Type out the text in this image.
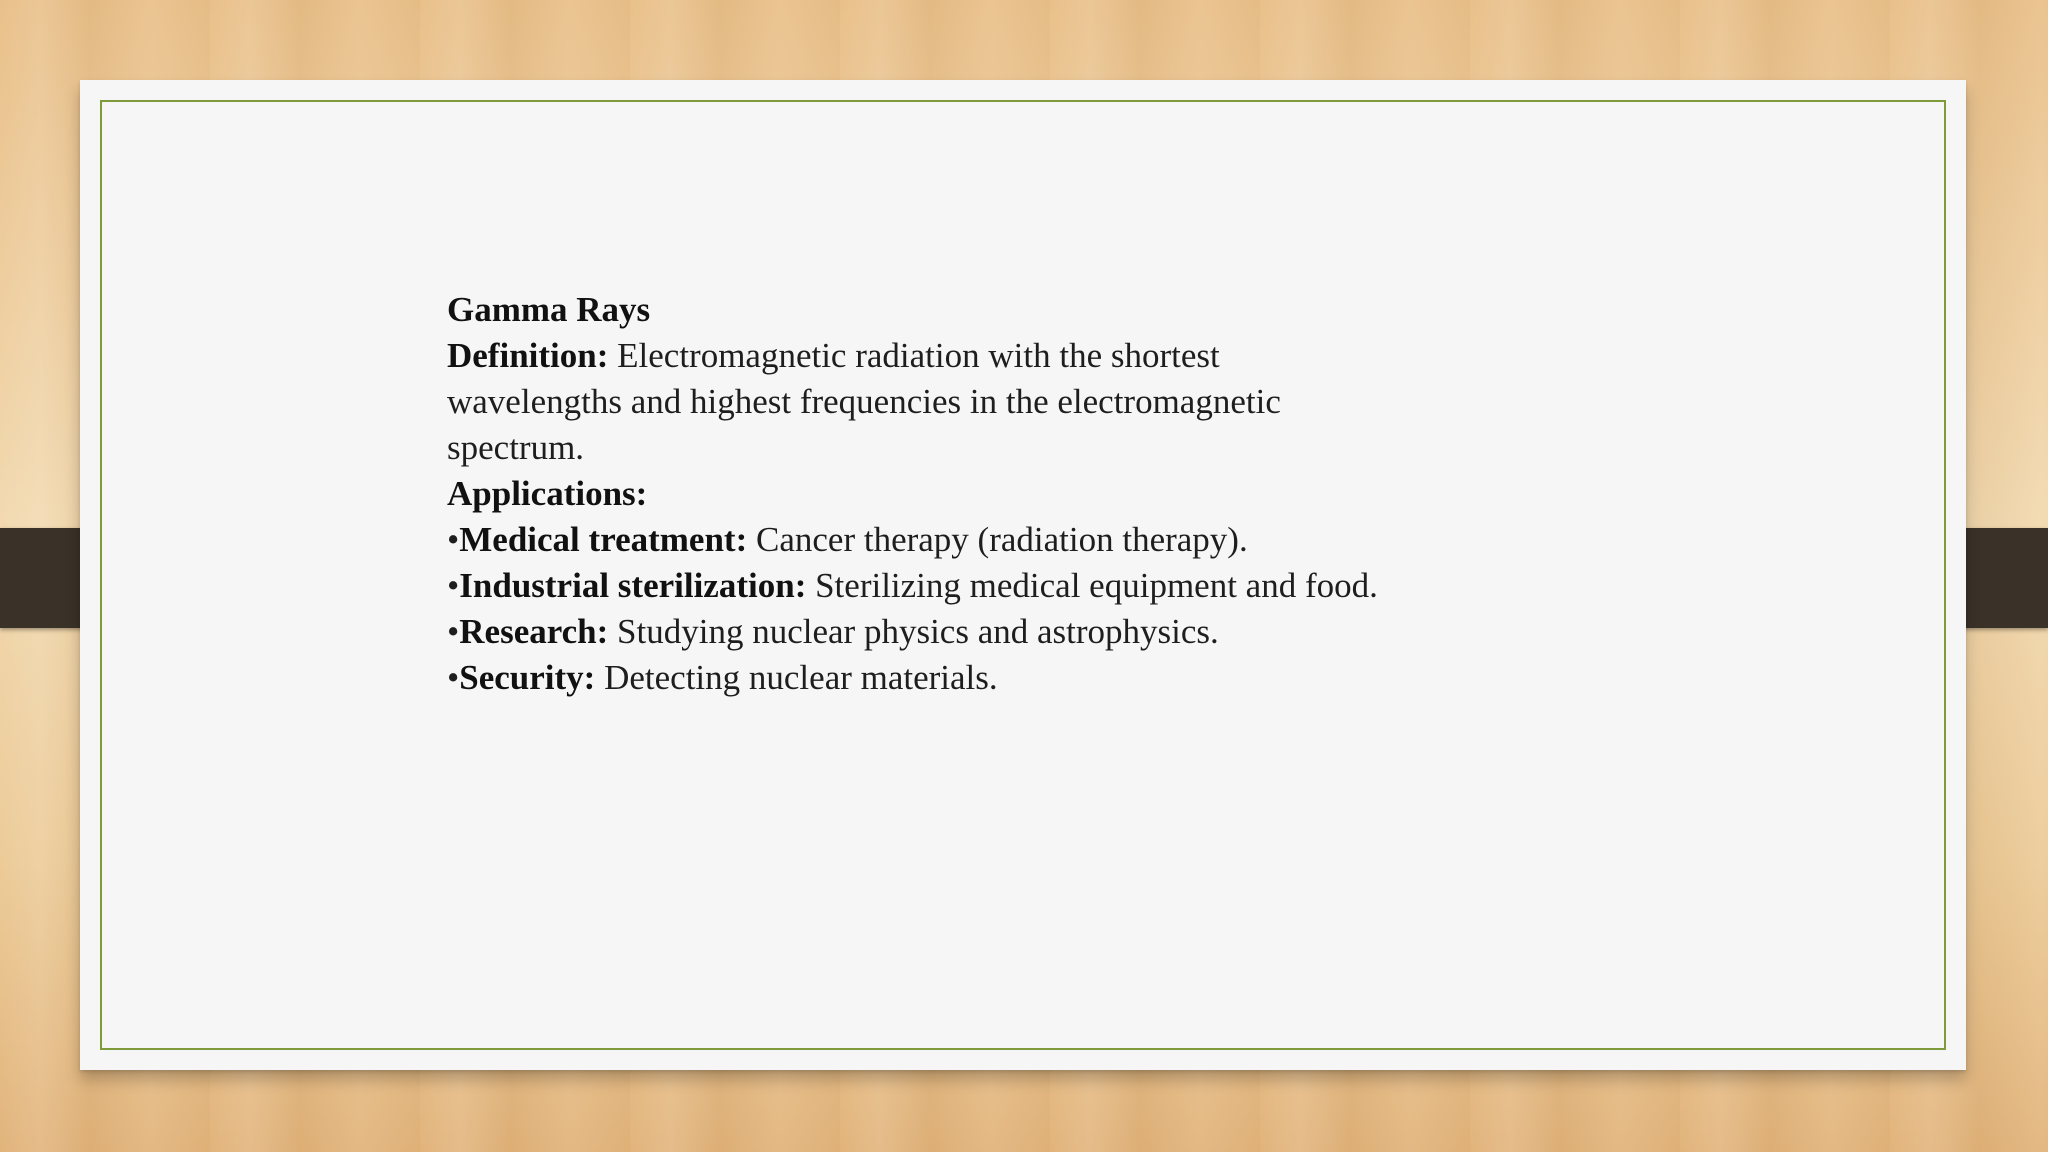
Gamma Rays
Definition: Electromagnetic radiation with the shortest wavelengths and highest frequencies in the electromagnetic spectrum.
Applications:
•Medical treatment: Cancer therapy (radiation therapy).
•Industrial sterilization: Sterilizing medical equipment and food.
•Research: Studying nuclear physics and astrophysics.
•Security: Detecting nuclear materials.
